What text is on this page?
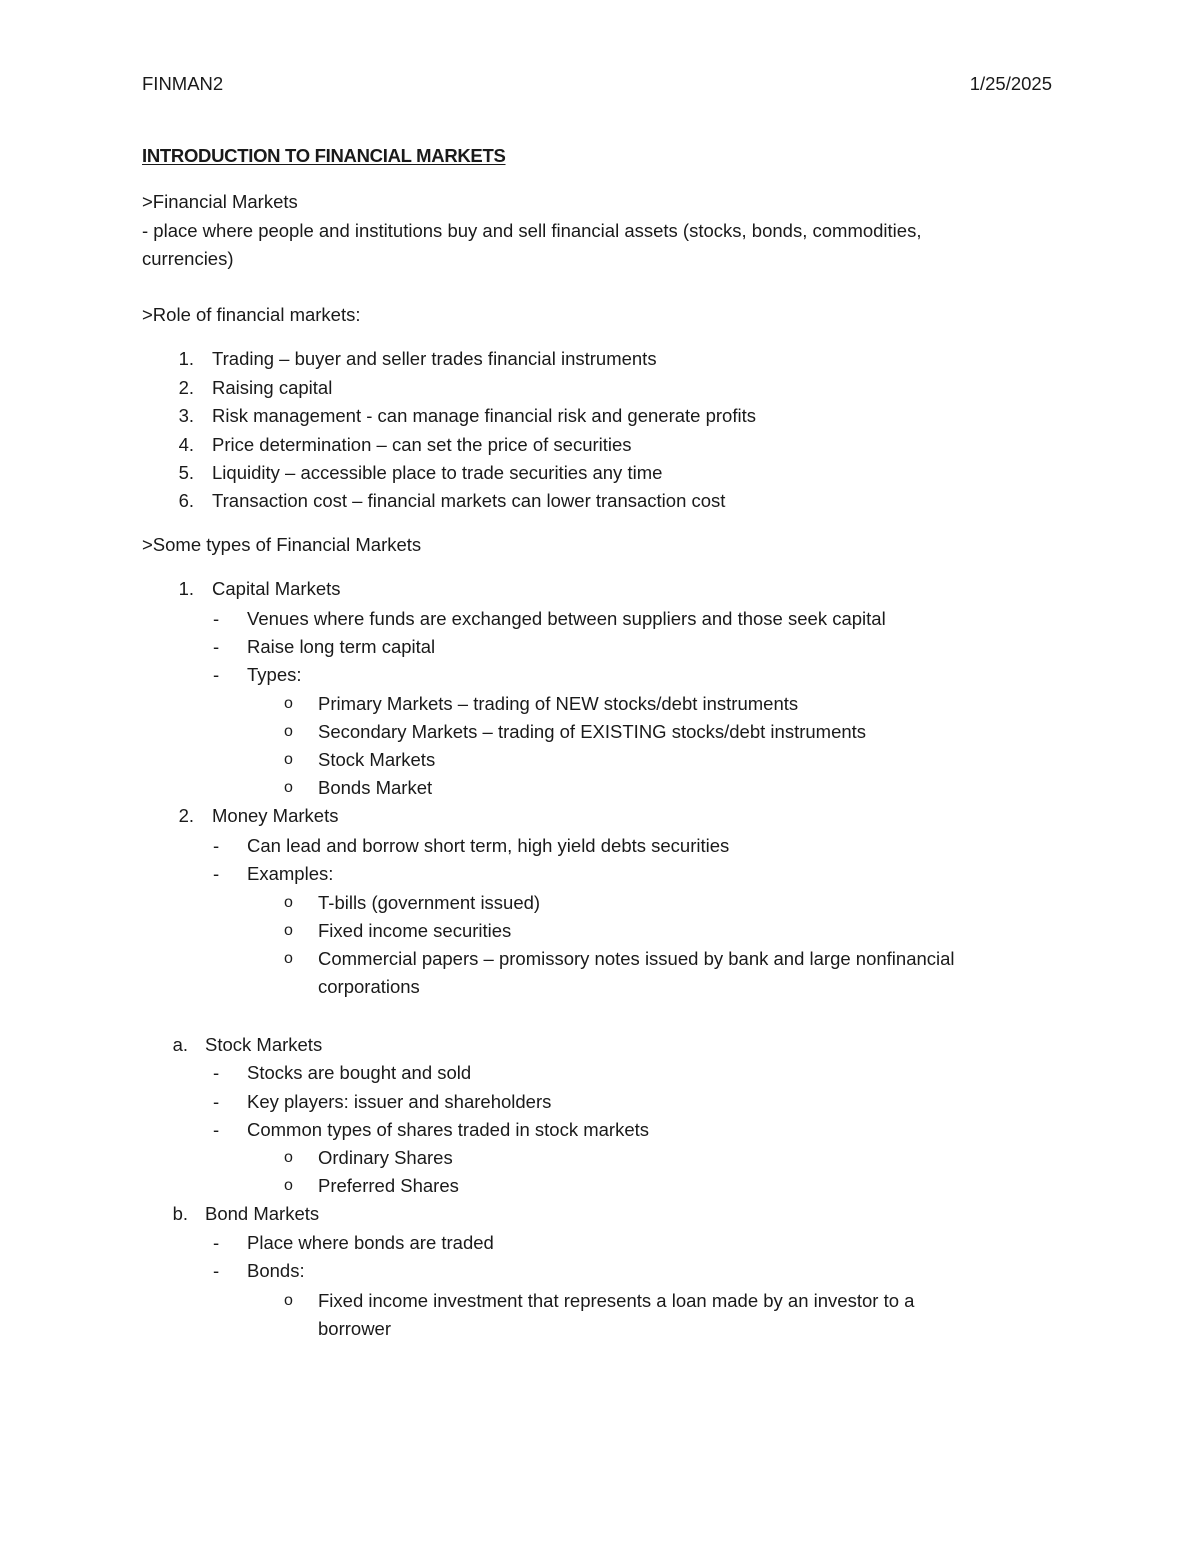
FINMAN2	1/25/2025
INTRODUCTION TO FINANCIAL MARKETS
>Financial Markets
- place where people and institutions buy and sell financial assets (stocks, bonds, commodities,
currencies)
>Role of financial markets:
1. Trading – buyer and seller trades financial instruments
2. Raising capital
3. Risk management - can manage financial risk and generate profits
4. Price determination – can set the price of securities
5. Liquidity – accessible place to trade securities any time
6. Transaction cost – financial markets can lower transaction cost
>Some types of Financial Markets
1. Capital Markets
- Venues where funds are exchanged between suppliers and those seek capital
- Raise long term capital
- Types:
o Primary Markets – trading of NEW stocks/debt instruments
o Secondary Markets – trading of EXISTING stocks/debt instruments
o Stock Markets
o Bonds Market
2. Money Markets
- Can lead and borrow short term, high yield debts securities
- Examples:
o T-bills (government issued)
o Fixed income securities
o Commercial papers – promissory notes issued by bank and large nonfinancial
corporations
a. Stock Markets
- Stocks are bought and sold
- Key players: issuer and shareholders
- Common types of shares traded in stock markets
o Ordinary Shares
o Preferred Shares
b. Bond Markets
- Place where bonds are traded
- Bonds:
o Fixed income investment that represents a loan made by an investor to a
borrower
